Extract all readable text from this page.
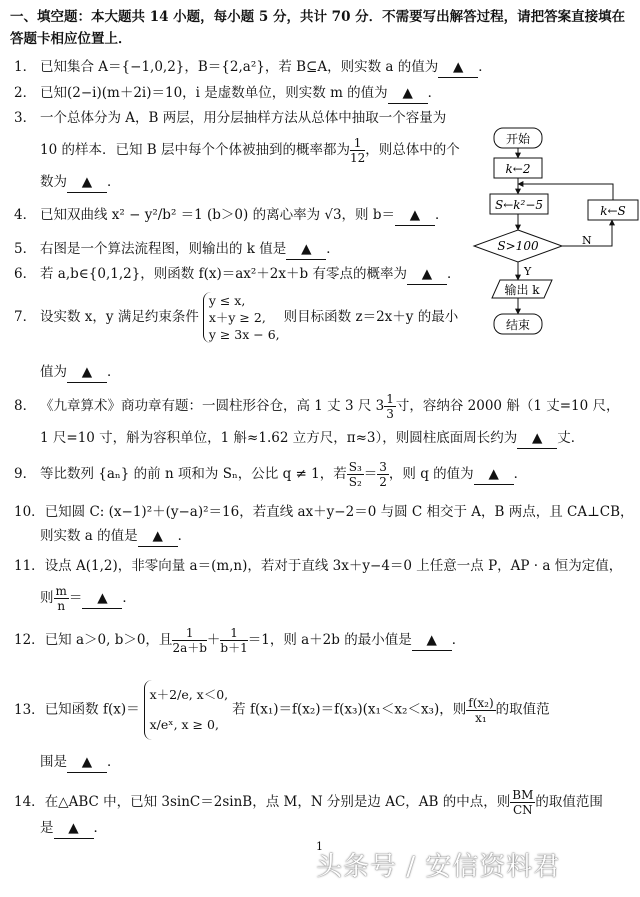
一、填空题：本大题共 14 小题，每小题 5 分，共计 70 分．不需要写出解答过程，请把答案直接填在答题卡相应位置上．
1． 已知集合 A＝{−1,0,2}，B＝{2,a²}，若 B⊆A，则实数 a 的值为 ▲ ．
2． 已知(2−i)(m＋2i)＝10，i 是虚数单位，则实数 m 的值为 ▲ ．
3． 一个总体分为 A，B 两层，用分层抽样方法从总体中抽取一个容量为
10 的样本．已知 B 层中每个个体被抽到的概率都为 $\frac{1}{12}$ ，则总体中的个
数为 ▲ ．
4． 已知双曲线 x² − y²/b² ＝1 (b＞0) 的离心率为 √3，则 b＝ ▲ ．
5． 右图是一个算法流程图，则输出的 k 值是 ▲ ．
6． 若 a,b∈{0,1,2}，则函数 f(x)＝ax²＋2x＋b 有零点的概率为 ▲ ．
7． 设实数 x，y 满足约束条件
y ≤ x,
x＋y ≥ 2,
y ≥ 3x − 6,
则目标函数 z＝2x＋y 的最小
值为 ▲ ．
8． 《九章算术》商功章有题：一圆柱形谷仓，高 1 丈 3 尺 $3 \frac{1}{3}$ 寸，容纳谷 2000 斛（1 丈=10 尺，
1 尺=10 寸，斛为容积单位，1 斛≈1.62 立方尺，π≈3），则圆柱底面周长约为 ▲ 丈．
9． 等比数列 {aₙ} 的前 n 项和为 Sₙ，公比 q ≠ 1，若 $\frac{\text{S₃}}{\text{S₂}} = \frac{3}{2}$ ，则 q 的值为 ▲ ．
10．已知圆 C: (x−1)²＋(y−a)²＝16，若直线 ax＋y−2＝0 与圆 C 相交于 A，B 两点，且 CA⊥CB，
则实数 a 的值是 ▲ ．
11．设点 A(1,2)，非零向量 a＝(m,n)，若对于直线 3x＋y−4＝0 上任意一点 P，AP · a 恒为定值，
则 $\frac{m}{n}$ ＝ ▲ ．
12．已知 a＞0, b＞0，且 $\frac{1}{2a+b} + \frac{1}{b+1} =1$，则 a＋2b 的最小值是 ▲ ．
13．已知函数 f(x)＝
x＋2/e, x＜0,
x/eˣ, x ≥ 0,
若 f(x₁)＝f(x₂)＝f(x₃)(x₁＜x₂＜x₃)，则 $\frac{\text{f(x₂)}}{\text{x₁}}$ 的取值范
围是 ▲ ．
14．在△ABC 中，已知 3sinC＝2sinB，点 M，N 分别是边 AC，AB 的中点，则 $\frac{BM}{CN}$ 的取值范围
是 ▲ ．
开始
k←2
S←k²−5
S>100	N
k←S
Y
输出 k
结束
1
头条号 / 安信资料君
